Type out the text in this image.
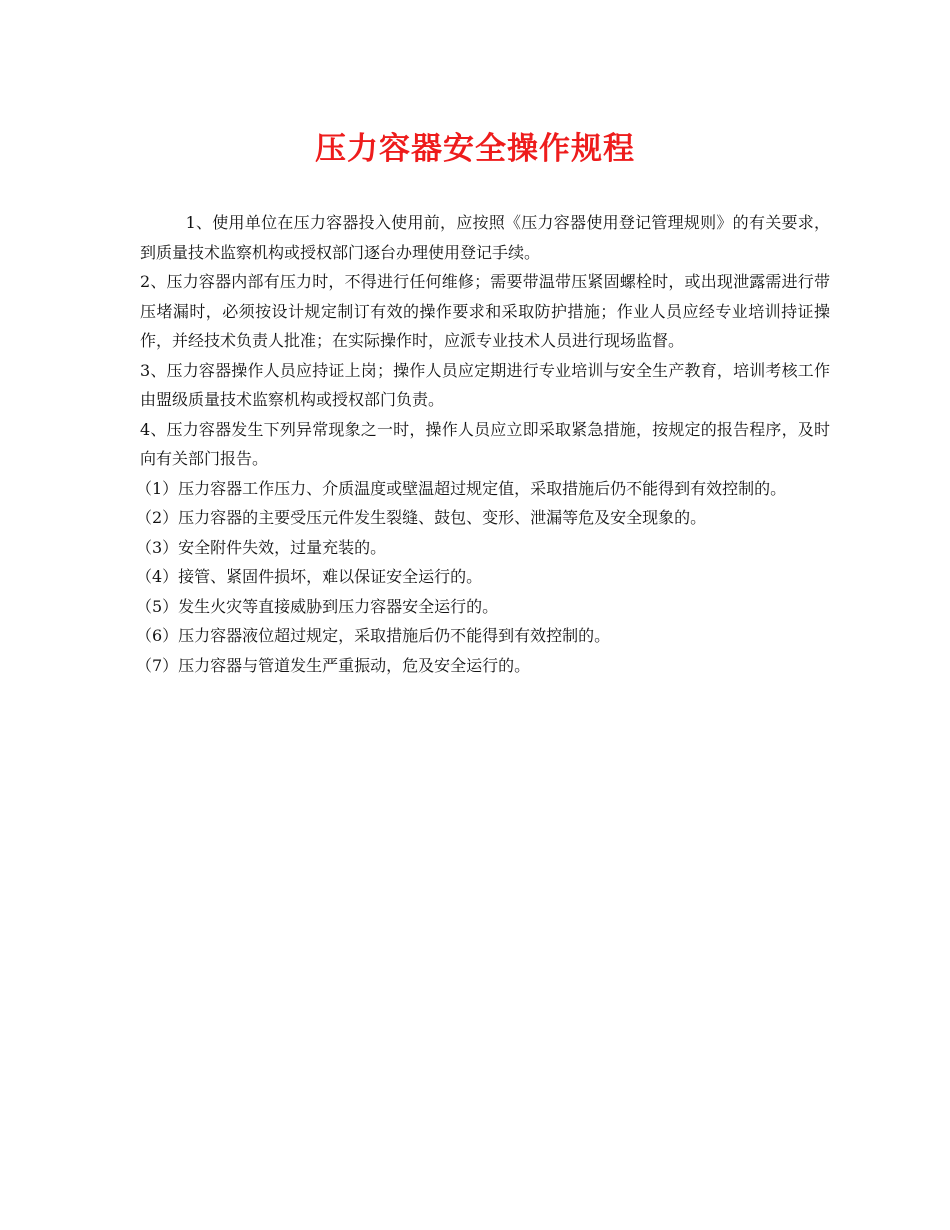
压力容器安全操作规程

1、使用单位在压力容器投入使用前，应按照《压力容器使用登记管理规则》的有关要求，到质量技术监察机构或授权部门逐台办理使用登记手续。

2、压力容器内部有压力时，不得进行任何维修；需要带温带压紧固螺栓时，或出现泄露需进行带压堵漏时，必须按设计规定制订有效的操作要求和采取防护措施；作业人员应经专业培训持证操作，并经技术负责人批准；在实际操作时，应派专业技术人员进行现场监督。

3、压力容器操作人员应持证上岗；操作人员应定期进行专业培训与安全生产教育，培训考核工作由盟级质量技术监察机构或授权部门负责。

4、压力容器发生下列异常现象之一时，操作人员应立即采取紧急措施，按规定的报告程序，及时向有关部门报告。

（1）压力容器工作压力、介质温度或壁温超过规定值，采取措施后仍不能得到有效控制的。

（2）压力容器的主要受压元件发生裂缝、鼓包、变形、泄漏等危及安全现象的。

（3）安全附件失效，过量充装的。

（4）接管、紧固件损坏，难以保证安全运行的。

（5）发生火灾等直接威胁到压力容器安全运行的。

（6）压力容器液位超过规定，采取措施后仍不能得到有效控制的。

（7）压力容器与管道发生严重振动，危及安全运行的。
